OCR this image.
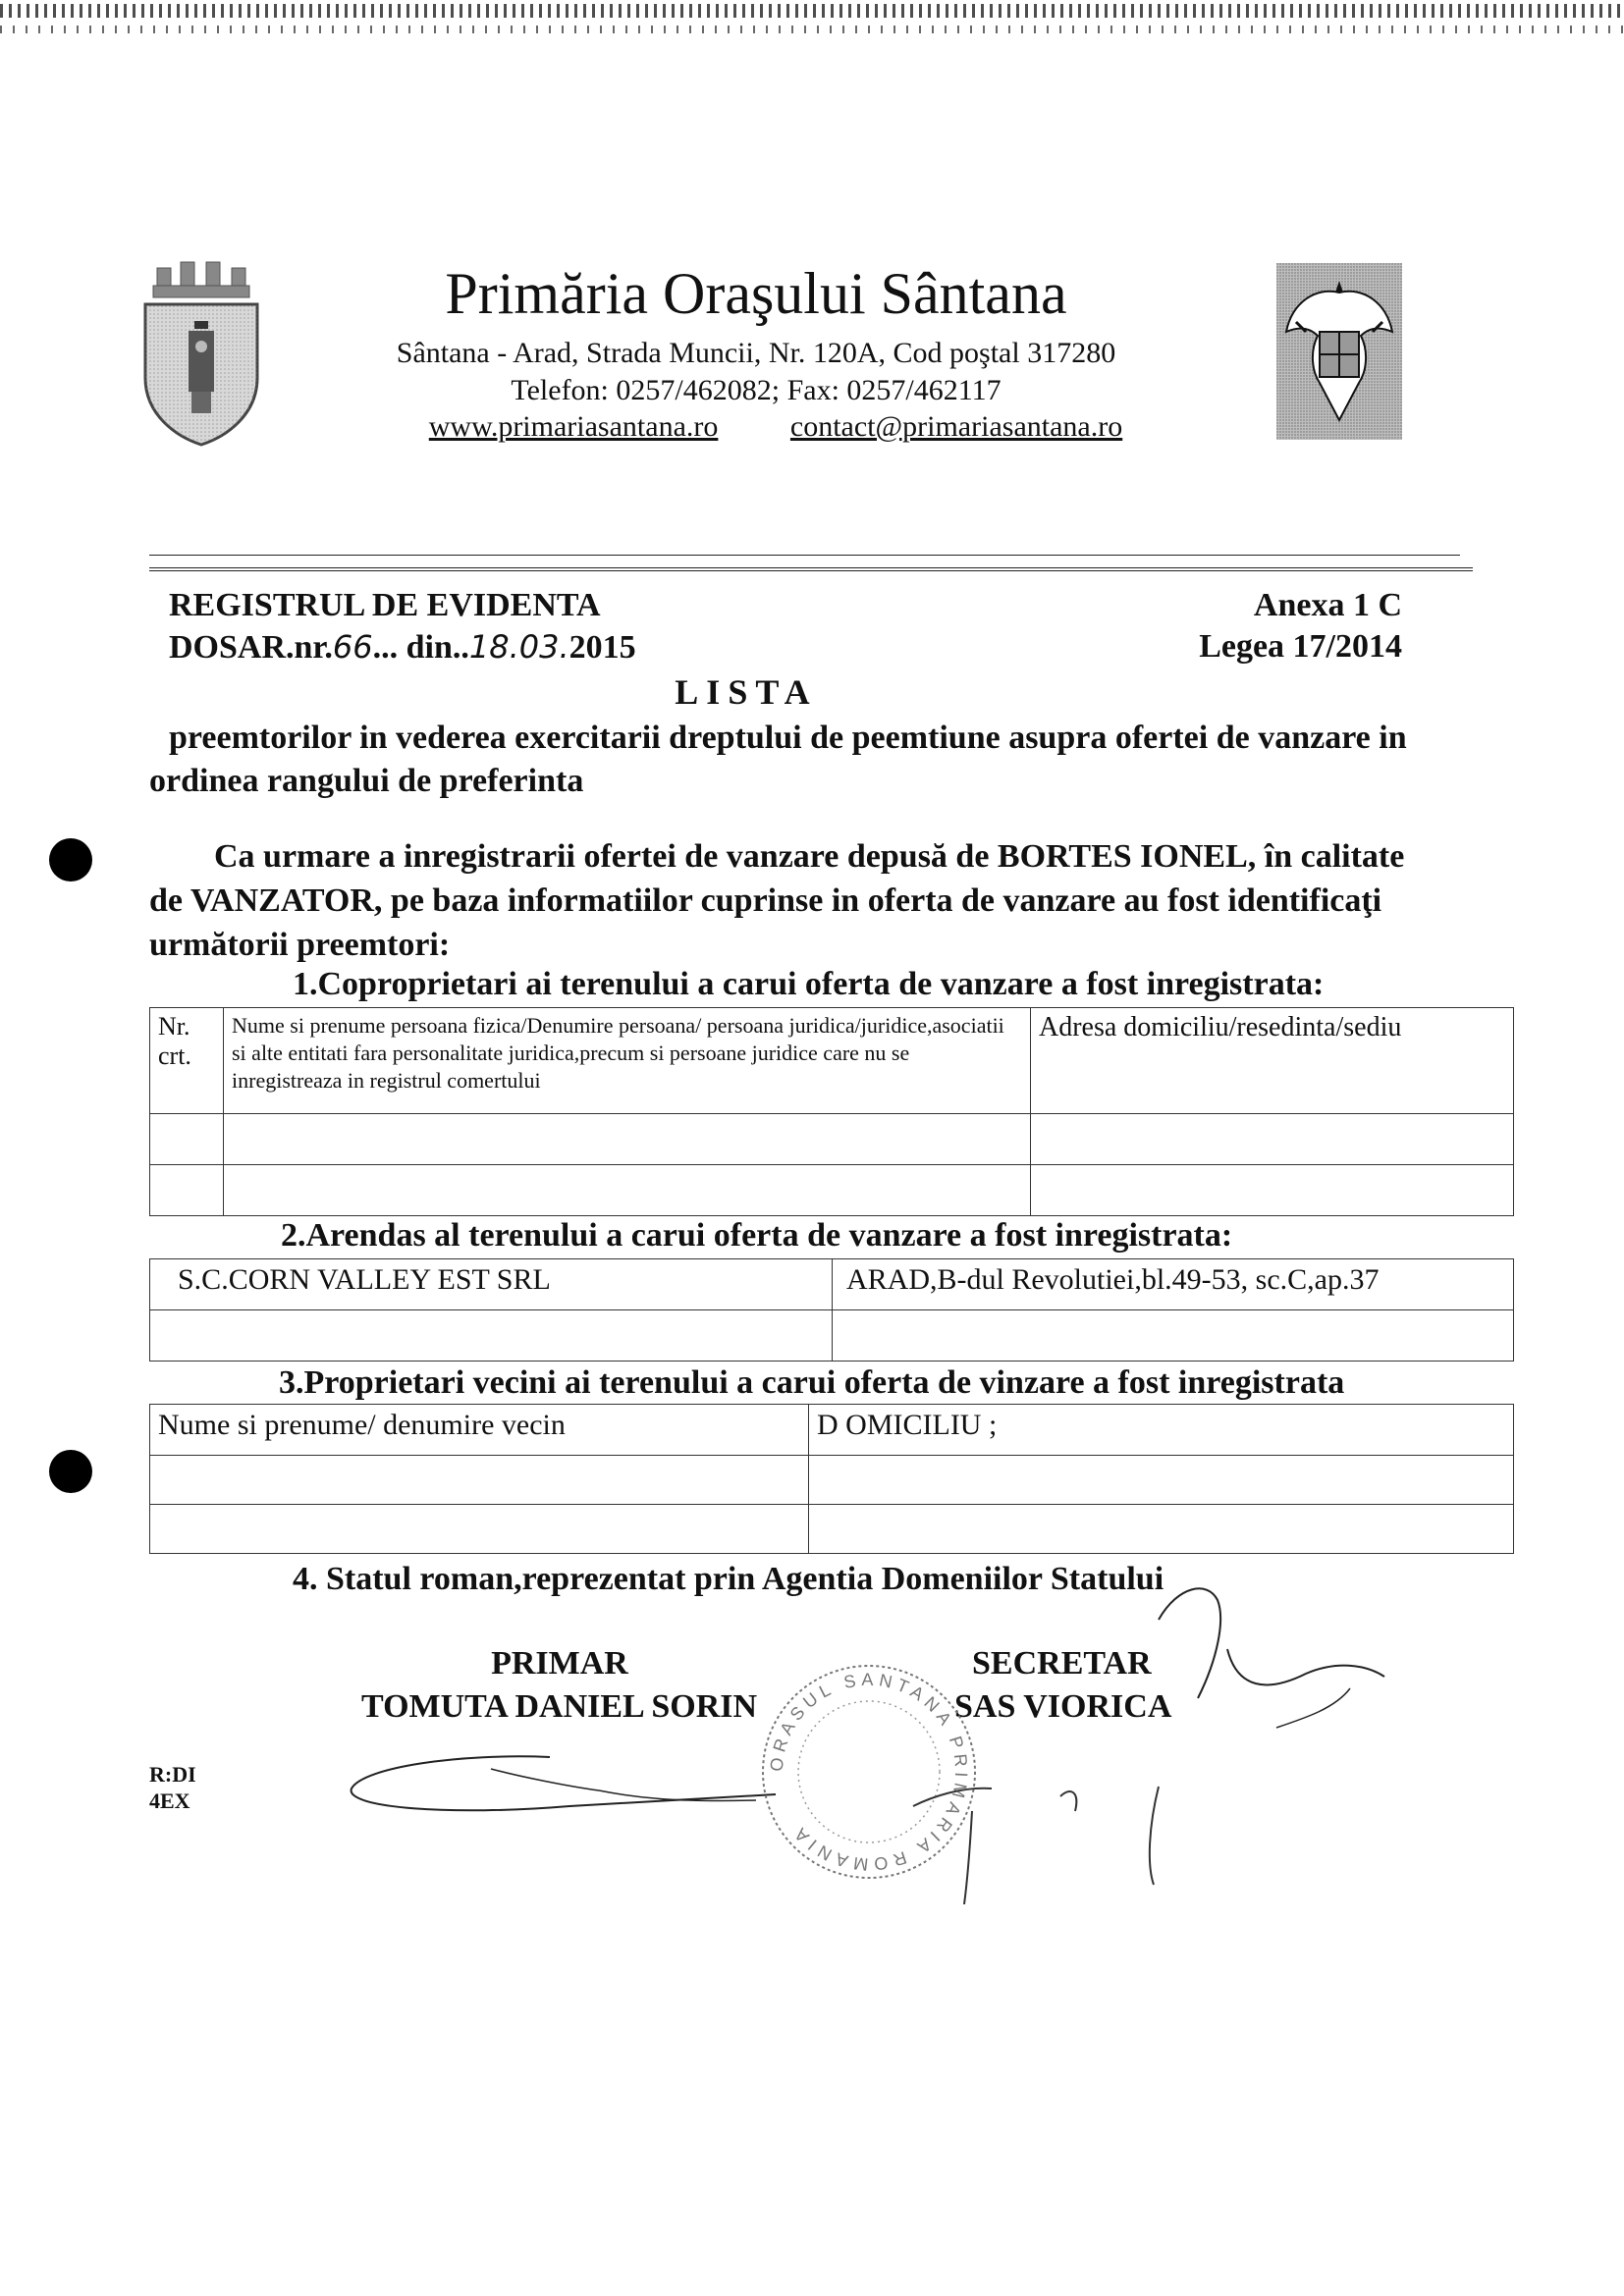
Primăria Oraşului Sântana
Sântana - Arad, Strada Muncii, Nr. 120A, Cod poştal 317280
Telefon: 0257/462082; Fax: 0257/462117
www.primariasantana.ro contact@primariasantana.ro
REGISTRUL DE EVIDENTA	Anexa 1 C
DOSAR.nr.66... din..18.03.2015	Legea 17/2014
LISTA
preemtorilor in vederea exercitarii dreptului de peemtiune asupra ofertei de vanzare in ordinea rangului de preferinta
Ca urmare a inregistrarii ofertei de vanzare depusă de BORTES IONEL, în calitate de VANZATOR, pe baza informatiilor cuprinse in oferta de vanzare au fost identificaţi următorii preemtori:
1.Coproprietari ai terenului a carui oferta de vanzare a fost inregistrata:
Nr. crt.	Nume si prenume persoana fizica/Denumire persoana/ persoana juridica/juridice,asociatii si alte entitati fara personalitate juridica,precum si persoane juridice care nu se inregistreaza in registrul comertului	Adresa domiciliu/resedinta/sediu

2.Arendas al terenului a carui oferta de vanzare a fost inregistrata:
S.C.CORN VALLEY EST SRL	ARAD,B-dul Revolutiei,bl.49-53, sc.C,ap.37

3.Proprietari vecini ai terenului a carui oferta de vinzare a fost inregistrata
Nume si prenume/ denumire vecin	D OMICILIU ;

4. Statul roman,reprezentat prin Agentia Domeniilor Statului
PRIMAR
TOMUTA DANIEL SORIN
SECRETAR
SAS VIORICA
ORASUL SANTANA PRIMARIA ROMANIA
R:DI
4EX
